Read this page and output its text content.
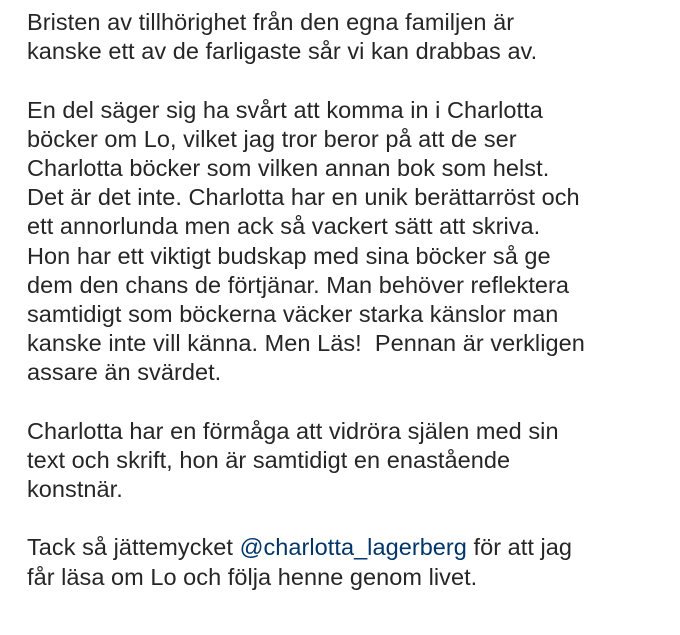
Bristen av tillhörighet från den egna familjen är
kanske ett av de farligaste sår vi kan drabbas av.
En del säger sig ha svårt att komma in i Charlotta
böcker om Lo, vilket jag tror beror på att de ser
Charlotta böcker som vilken annan bok som helst.
Det är det inte. Charlotta har en unik berättarröst och
ett annorlunda men ack så vackert sätt att skriva.
Hon har ett viktigt budskap med sina böcker så ge
dem den chans de förtjänar. Man behöver reflektera
samtidigt som böckerna väcker starka känslor man
kanske inte vill känna. Men Läs!  Pennan är verkligen
assare än svärdet.
Charlotta har en förmåga att vidröra själen med sin
text och skrift, hon är samtidigt en enastående
konstnär.
Tack så jättemycket @charlotta_lagerberg för att jag
får läsa om Lo och följa henne genom livet.
